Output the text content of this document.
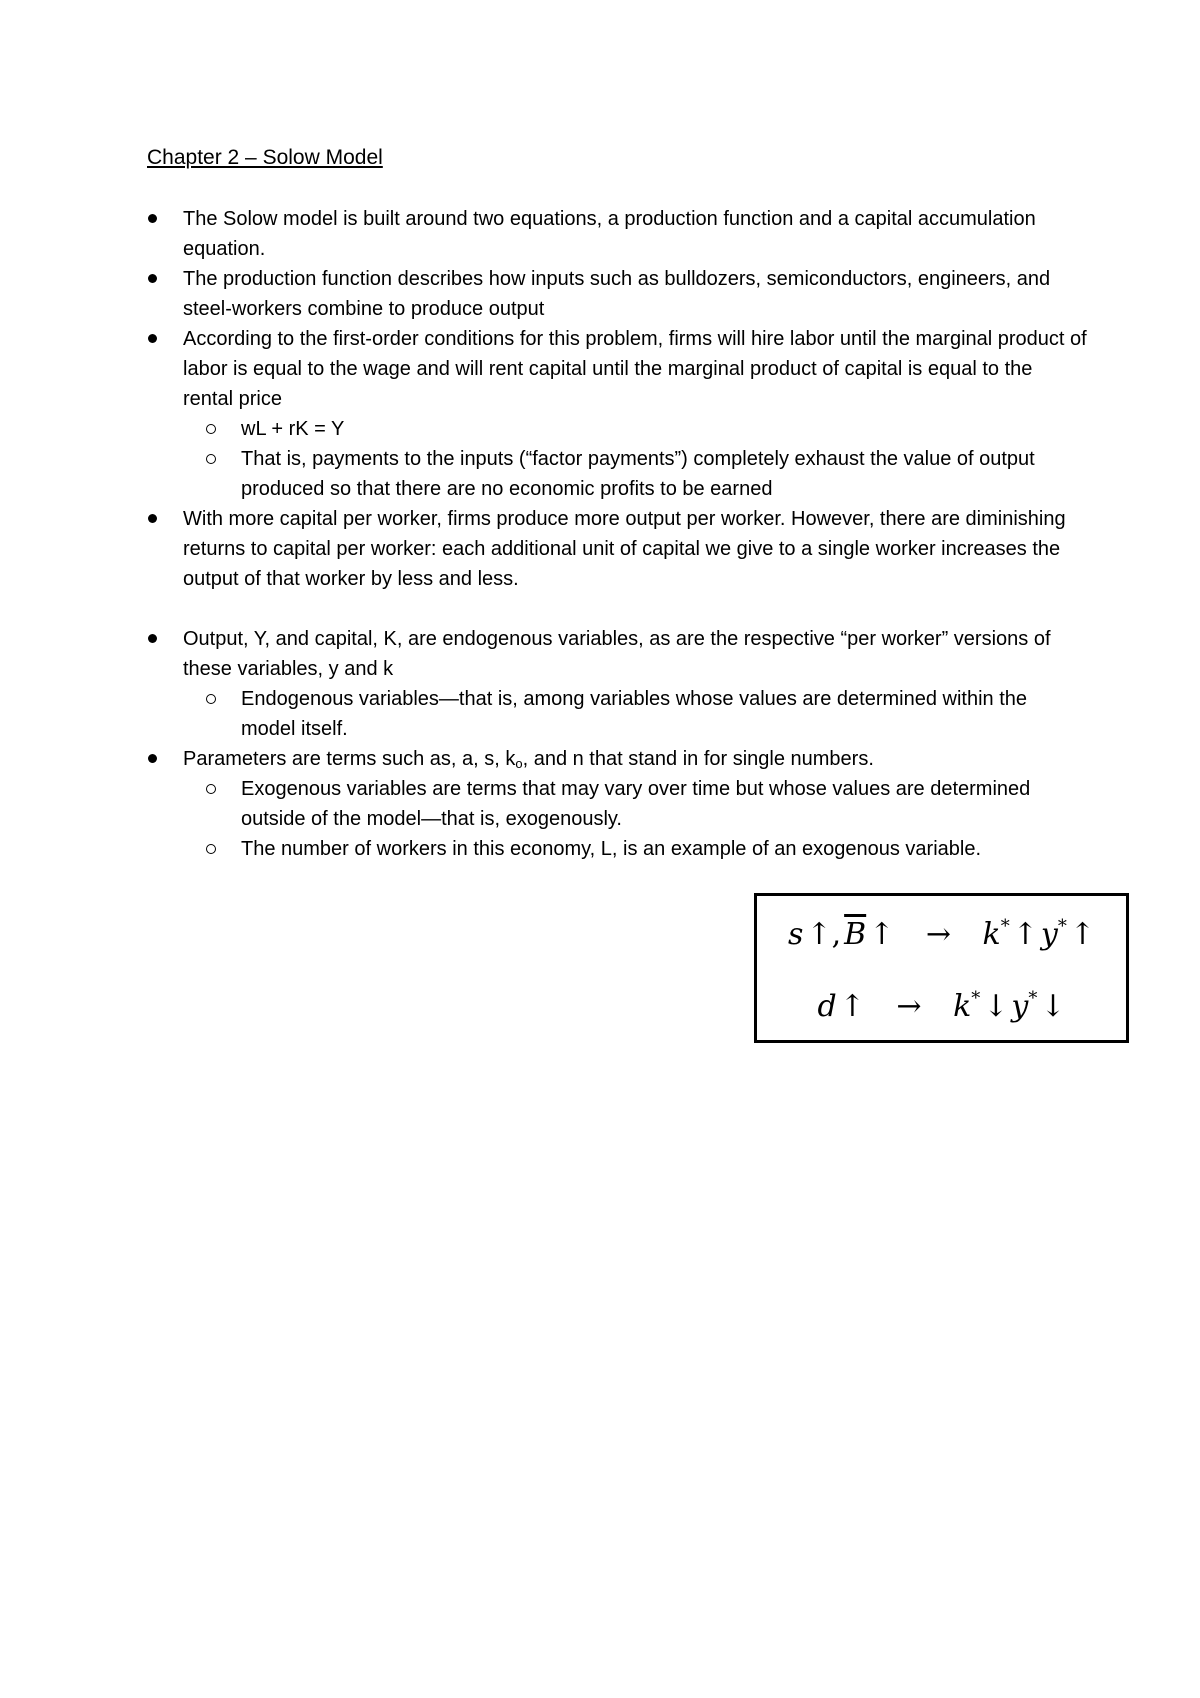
Chapter 2 – Solow Model
The Solow model is built around two equations, a production function and a capital accumulation equation.
The production function describes how inputs such as bulldozers, semiconductors, engineers, and steel-workers combine to produce output
According to the first-order conditions for this problem, firms will hire labor until the marginal product of labor is equal to the wage and will rent capital until the marginal product of capital is equal to the rental price
wL + rK = Y
That is, payments to the inputs (“factor payments”) completely exhaust the value of output produced so that there are no economic profits to be earned
With more capital per worker, firms produce more output per worker. However, there are diminishing returns to capital per worker: each additional unit of capital we give to a single worker increases the output of that worker by less and less.
Output, Y, and capital, K, are endogenous variables, as are the respective “per worker” versions of these variables, y and k
Endogenous variables—that is, among variables whose values are determined within the model itself.
Parameters are terms such as, a, s, $k_o$, and n that stand in for single numbers.
Exogenous variables are terms that may vary over time but whose values are determined outside of the model—that is, exogenously.
The number of workers in this economy, L, is an example of an exogenous variable.
s  ↑,  $\overline{B}$  ↑ → k*  ↑  y*  ↑
d  ↑ → k*  ↓  y*  ↓
